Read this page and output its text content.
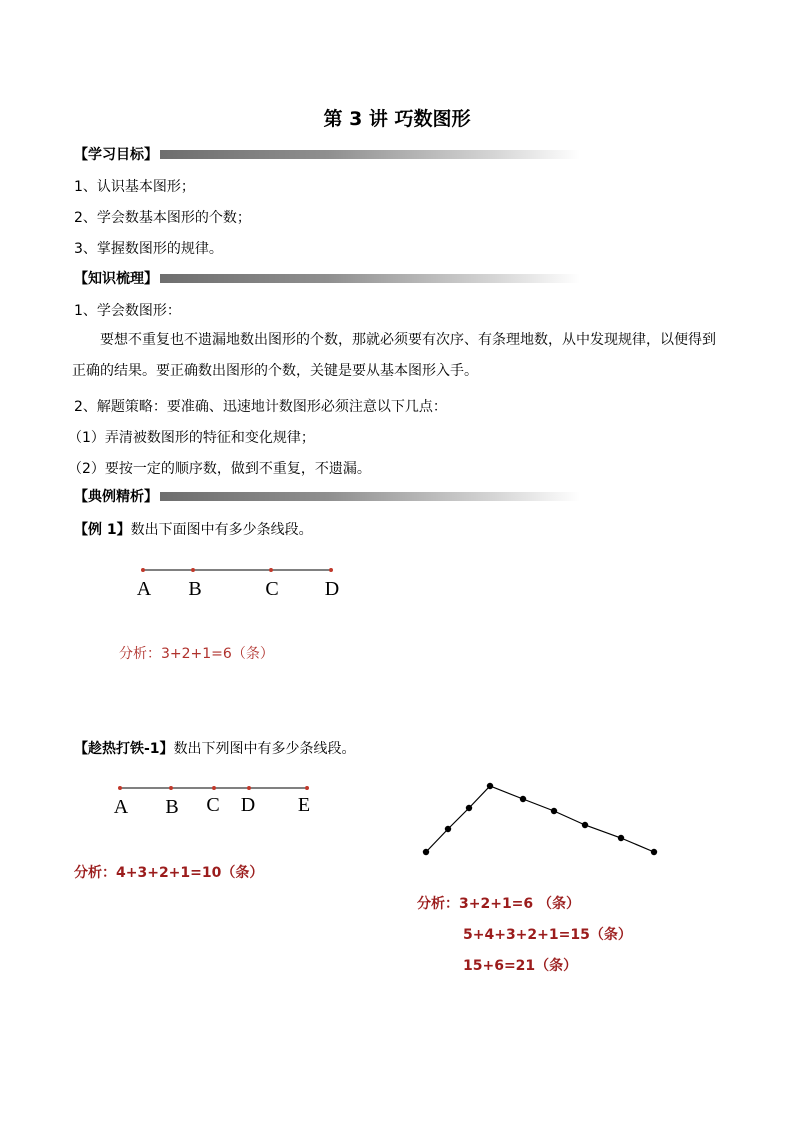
第 3 讲 巧数图形
【学习目标】
1、认识基本图形；
2、学会数基本图形的个数；
3、掌握数图形的规律。
【知识梳理】
1、学会数图形：
要想不重复也不遗漏地数出图形的个数，那就必须要有次序、有条理地数，从中发现规律，以便得到正确的结果。要正确数出图形的个数，关键是要从基本图形入手。
2、解题策略：要准确、迅速地计数图形必须注意以下几点：
（1）弄清被数图形的特征和变化规律；
（2）要按一定的顺序数，做到不重复，不遗漏。
【典例精析】
【例 1】数出下面图中有多少条线段。
A B	C D
分析：3+2+1=6（条）
【趁热打铁-1】数出下列图中有多少条线段。
A B C D E
分析：4+3+2+1=10（条）
分析：3+2+1=6 （条）
5+4+3+2+1=15（条）
15+6=21（条）
